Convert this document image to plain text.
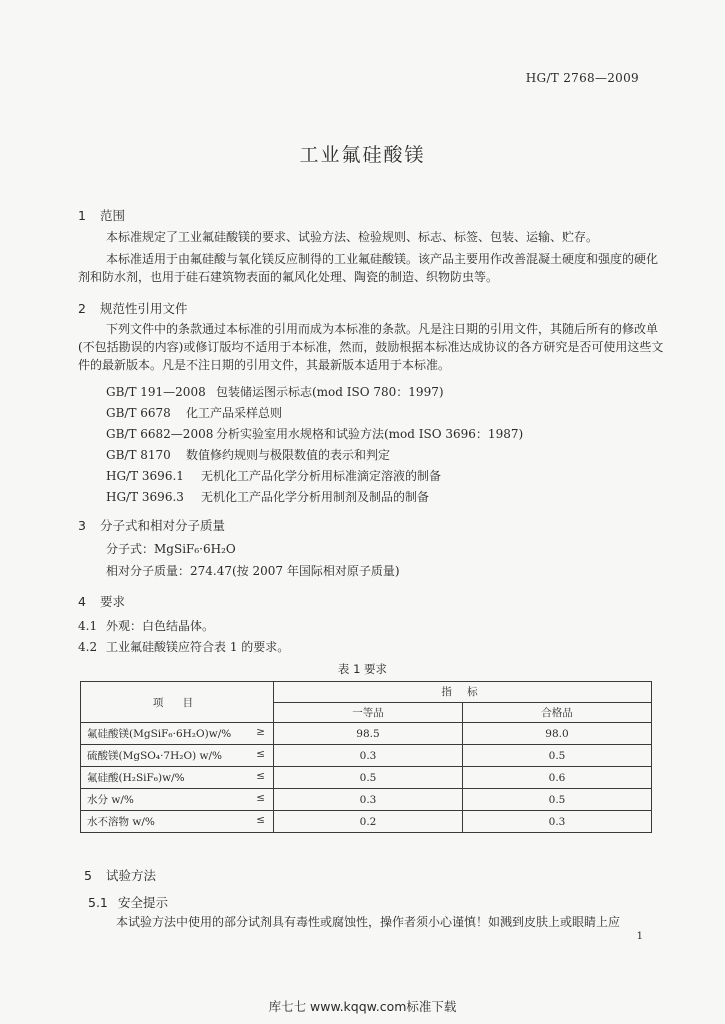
HG/T 2768—2009
工业氟硅酸镁
1 范围
本标准规定了工业氟硅酸镁的要求、试验方法、检验规则、标志、标签、包装、运输、贮存。
本标准适用于由氟硅酸与氧化镁反应制得的工业氟硅酸镁。该产品主要用作改善混凝土硬度和强度的硬化剂和防水剂，也用于硅石建筑物表面的氟风化处理、陶瓷的制造、织物防虫等。
2 规范性引用文件
下列文件中的条款通过本标准的引用而成为本标准的条款。凡是注日期的引用文件，其随后所有的修改单(不包括勘误的内容)或修订版均不适用于本标准，然而，鼓励根据本标准达成协议的各方研究是否可使用这些文件的最新版本。凡是不注日期的引用文件，其最新版本适用于本标准。
GB/T 191—2008 包装储运图示标志(mod ISO 780：1997)
GB/T 6678 化工产品采样总则
GB/T 6682—2008 分析实验室用水规格和试验方法(mod ISO 3696：1987)
GB/T 8170 数值修约规则与极限数值的表示和判定
HG/T 3696.1 无机化工产品化学分析用标准滴定溶液的制备
HG/T 3696.3 无机化工产品化学分析用制剂及制品的制备
3 分子式和相对分子质量
分子式：MgSiF₆·6H₂O
相对分子质量：274.47(按 2007 年国际相对原子质量)
4 要求
4.1 外观：白色结晶体。
4.2 工业氟硅酸镁应符合表 1 的要求。
表 1 要求
项 目	指 标	
	一等品	合格品
氟硅酸镁(MgSiF₆·6H₂O)w/% ≥	98.5	98.0
硫酸镁(MgSO₄·7H₂O) w/% ≤	0.3	0.5
氟硅酸(H₂SiF₆)w/% ≤	0.5	0.6
水分 w/% ≤	0.3	0.5
水不溶物 w/% ≤	0.2	0.3
5 试验方法
5.1 安全提示
本试验方法中使用的部分试剂具有毒性或腐蚀性，操作者须小心谨慎！如溅到皮肤上或眼睛上应
1
库七七 www.kqqw.com标准下载
